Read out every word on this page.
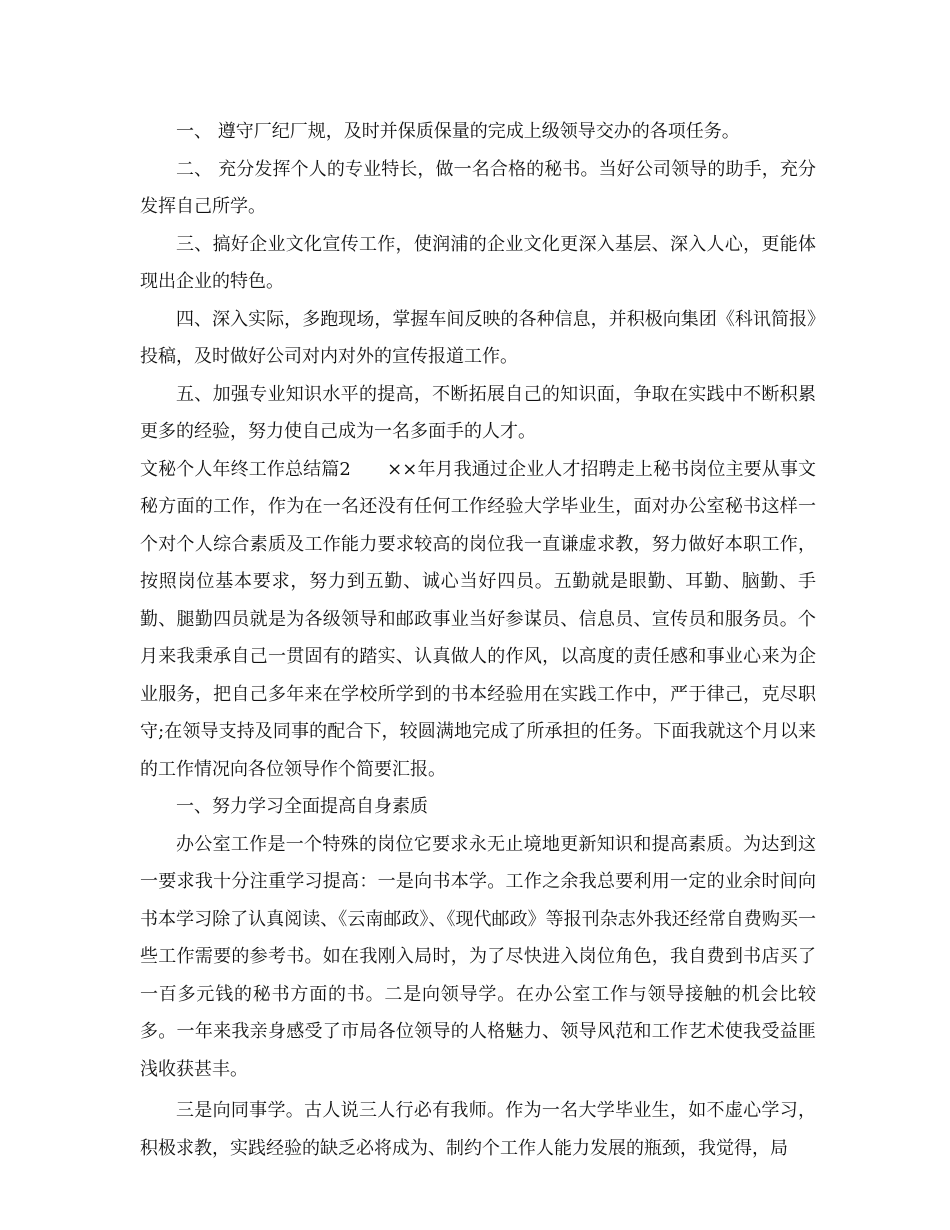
一、 遵守厂纪厂规，及时并保质保量的完成上级领导交办的各项任务。

二、 充分发挥个人的专业特长，做一名合格的秘书。当好公司领导的助手，充分发挥自己所学。

三、搞好企业文化宣传工作，使润浦的企业文化更深入基层、深入人心，更能体现出企业的特色。

四、深入实际，多跑现场，掌握车间反映的各种信息，并积极向集团《科讯简报》投稿，及时做好公司对内对外的宣传报道工作。

五、加强专业知识水平的提高，不断拓展自己的知识面，争取在实践中不断积累更多的经验，努力使自己成为一名多面手的人才。

文秘个人年终工作总结篇2　　××年月我通过企业人才招聘走上秘书岗位主要从事文秘方面的工作，作为在一名还没有任何工作经验大学毕业生，面对办公室秘书这样一个对个人综合素质及工作能力要求较高的岗位我一直谦虚求教，努力做好本职工作，按照岗位基本要求，努力到五勤、诚心当好四员。五勤就是眼勤、耳勤、脑勤、手勤、腿勤四员就是为各级领导和邮政事业当好参谋员、信息员、宣传员和服务员。个月来我秉承自己一贯固有的踏实、认真做人的作风，以高度的责任感和事业心来为企业服务，把自己多年来在学校所学到的书本经验用在实践工作中，严于律己，克尽职守;在领导支持及同事的配合下，较圆满地完成了所承担的任务。下面我就这个月以来的工作情况向各位领导作个简要汇报。

一、努力学习全面提高自身素质

办公室工作是一个特殊的岗位它要求永无止境地更新知识和提高素质。为达到这一要求我十分注重学习提高：一是向书本学。工作之余我总要利用一定的业余时间向书本学习除了认真阅读、《云南邮政》、《现代邮政》等报刊杂志外我还经常自费购买一些工作需要的参考书。如在我刚入局时，为了尽快进入岗位角色，我自费到书店买了一百多元钱的秘书方面的书。二是向领导学。在办公室工作与领导接触的机会比较多。一年来我亲身感受了市局各位领导的人格魅力、领导风范和工作艺术使我受益匪浅收获甚丰。

三是向同事学。古人说三人行必有我师。作为一名大学毕业生，如不虚心学习，积极求教，实践经验的缺乏必将成为、制约个工作人能力发展的瓶颈，我觉得，局
